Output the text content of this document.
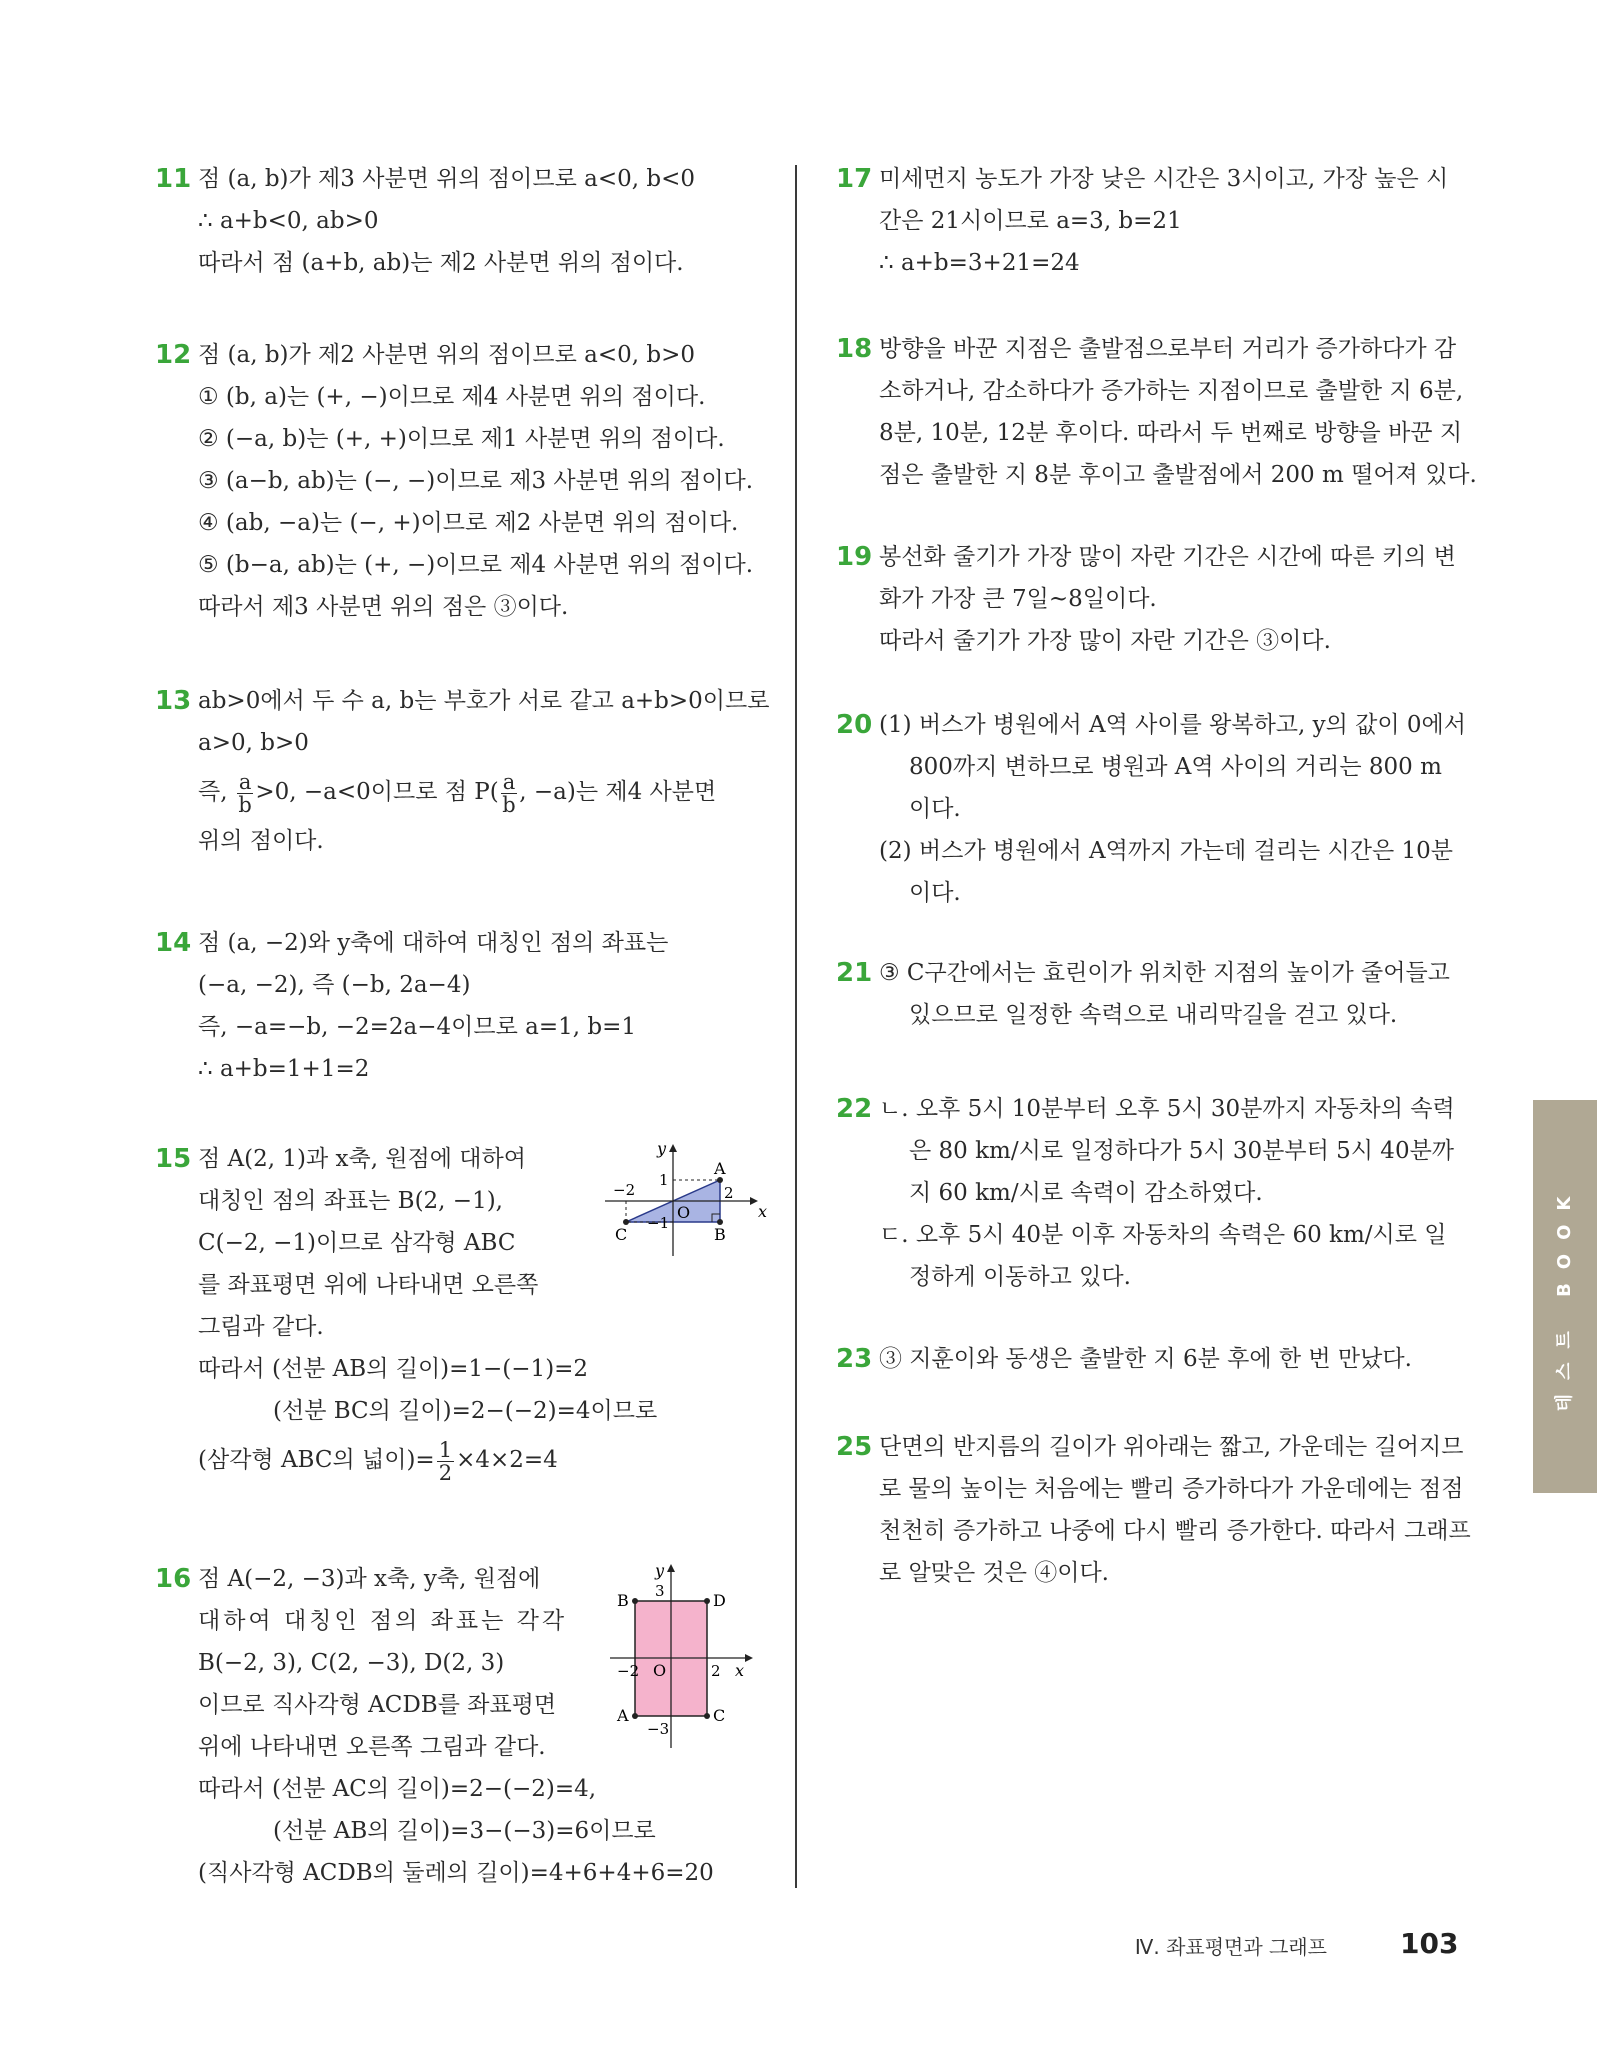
11 점 (a, b)가 제3 사분면 위의 점이므로 a<0, b<0
∴ a+b<0, ab>0
따라서 점 (a+b, ab)는 제2 사분면 위의 점이다.
12 점 (a, b)가 제2 사분면 위의 점이므로 a<0, b>0
① (b, a)는 (+, −)이므로 제4 사분면 위의 점이다.
② (−a, b)는 (+, +)이므로 제1 사분면 위의 점이다.
③ (a−b, ab)는 (−, −)이므로 제3 사분면 위의 점이다.
④ (ab, −a)는 (−, +)이므로 제2 사분면 위의 점이다.
⑤ (b−a, ab)는 (+, −)이므로 제4 사분면 위의 점이다.
따라서 제3 사분면 위의 점은 ③이다.
13 ab>0에서 두 수 a, b는 부호가 서로 같고 a+b>0이므로
a>0, b>0
즉, $\frac{a}{b} >0$, −a<0이므로 점 $P( \frac{a}{b}$ , −a)는 제4 사분면
위의 점이다.
14 점 (a, −2)와 y축에 대하여 대칭인 점의 좌표는
(−a, −2), 즉 (−b, 2a−4)
즉, −a=−b, −2=2a−4이므로 a=1, b=1
∴ a+b=1+1=2
15 점 A(2, 1)과 x축, 원점에 대하여
대칭인 점의 좌표는 B(2, −1),
C(−2, −1)이므로 삼각형 ABC
를 좌표평면 위에 나타내면 오른쪽
그림과 같다.
따라서 (선분 AB의 길이)=1−(−1)=2
(선분 BC의 길이)=2−(−2)=4이므로
(삼각형 ABC의 넓이)= $\frac{1}{2} \times 4\times 2=4$
y
x
O
−2	2
1
−1
A
B
C
16 점 A(−2, −3)과 x축, y축, 원점에
대하여 대칭인 점의 좌표는 각각
B(−2, 3), C(2, −3), D(2, 3)
이므로 직사각형 ACDB를 좌표평면
위에 나타내면 오른쪽 그림과 같다.
따라서 (선분 AC의 길이)=2−(−2)=4,
(선분 AB의 길이)=3−(−3)=6이므로
(직사각형 ACDB의 둘레의 길이)=4+6+4+6=20
y
x
O
−2	2
3
−3
A
B
C
D
17 미세먼지 농도가 가장 낮은 시간은 3시이고, 가장 높은 시
간은 21시이므로 a=3, b=21
∴ a+b=3+21=24
18 방향을 바꾼 지점은 출발점으로부터 거리가 증가하다가 감
소하거나, 감소하다가 증가하는 지점이므로 출발한 지 6분,
8분, 10분, 12분 후이다. 따라서 두 번째로 방향을 바꾼 지
점은 출발한 지 8분 후이고 출발점에서 200 m 떨어져 있다.
19 봉선화 줄기가 가장 많이 자란 기간은 시간에 따른 키의 변
화가 가장 큰 7일~8일이다.
따라서 줄기가 가장 많이 자란 기간은 ③이다.
20 (1) 버스가 병원에서 A역 사이를 왕복하고, y의 값이 0에서
800까지 변하므로 병원과 A역 사이의 거리는 800 m
이다.
(2) 버스가 병원에서 A역까지 가는데 걸리는 시간은 10분
이다.
21 ③ C구간에서는 효린이가 위치한 지점의 높이가 줄어들고
있으므로 일정한 속력으로 내리막길을 걷고 있다.
22 ㄴ. 오후 5시 10분부터 오후 5시 30분까지 자동차의 속력
은 80 km/시로 일정하다가 5시 30분부터 5시 40분까
지 60 km/시로 속력이 감소하였다.
ㄷ. 오후 5시 40분 이후 자동차의 속력은 60 km/시로 일
정하게 이동하고 있다.
23 ③ 지훈이와 동생은 출발한 지 6분 후에 한 번 만났다.
25 단면의 반지름의 길이가 위아래는 짧고, 가운데는 길어지므
로 물의 높이는 처음에는 빨리 증가하다가 가운데에는 점점
천천히 증가하고 나중에 다시 빨리 증가한다. 따라서 그래프
로 알맞은 것은 ④이다.
테스트 BOOK
Ⅳ. 좌표평면과 그래프	103
